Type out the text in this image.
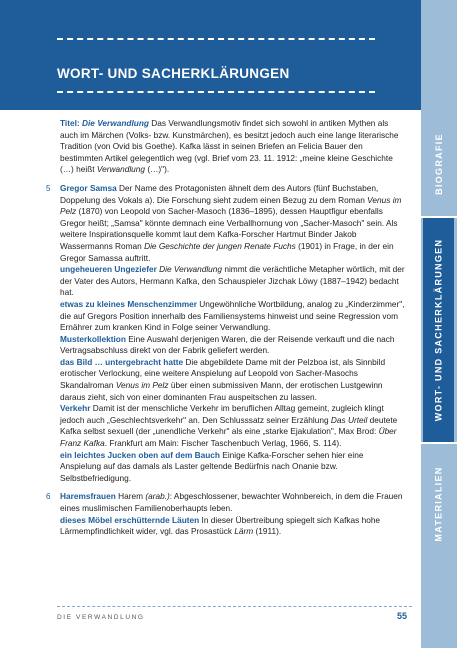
WORT- UND SACHERKLÄRUNGEN
BIOGRAFIE
WORT- UND SACHERKLÄRUNGEN
MATERIALIEN

Titel: Die Verwandlung Das Verwandlungsmotiv findet sich sowohl in antiken Mythen als auch im Märchen (Volks- bzw. Kunstmärchen), es besitzt jedoch auch eine lange literarische Tradition (von Ovid bis Goethe). Kafka lässt in seinen Briefen an Felicia Bauer den bestimmten Artikel gelegentlich weg (vgl. Brief vom 23. 11. 1912: „meine kleine Geschichte (…) heißt Verwandlung (…)").

5 Gregor Samsa Der Name des Protagonisten ähnelt dem des Autors (fünf Buchstaben, Doppelung des Vokals a). Die Forschung sieht zudem einen Bezug zu dem Roman Venus im Pelz (1870) von Leopold von Sacher-Masoch (1836–1895), dessen Hauptfigur ebenfalls Gregor heißt; „Samsa" könnte demnach eine Verballhornung von „Sacher-Masoch" sein. Als weitere Inspirationsquelle kommt laut dem Kafka-Forscher Hartmut Binder Jakob Wassermanns Roman Die Geschichte der jungen Renate Fuchs (1901) in Frage, in der ein Gregor Samassa auftritt.

ungeheueren Ungeziefer Die Verwandlung nimmt die verächtliche Metapher wörtlich, mit der der Vater des Autors, Hermann Kafka, den Schauspieler Jizchak Löwy (1887–1942) bedacht hat.

etwas zu kleines Menschenzimmer Ungewöhnliche Wortbildung, analog zu „Kinderzimmer", die auf Gregors Position innerhalb des Familiensystems hinweist und seine Regression vom Ernährer zum kranken Kind in Folge seiner Verwandlung.

Musterkollektion Eine Auswahl derjenigen Waren, die der Reisende verkauft und die nach Vertragsabschluss direkt von der Fabrik geliefert werden.

das Bild … untergebracht hatte Die abgebildete Dame mit der Pelzboa ist, als Sinnbild erotischer Verlockung, eine weitere Anspielung auf Leopold von Sacher-Masochs Skandalroman Venus im Pelz über einen submissiven Mann, der erotischen Lustgewinn daraus zieht, sich von einer dominanten Frau auspeitschen zu lassen.

Verkehr Damit ist der menschliche Verkehr im beruflichen Alltag gemeint, zugleich klingt jedoch auch „Geschlechtsverkehr" an. Den Schlusssatz seiner Erzählung Das Urteil deutete Kafka selbst sexuell (der „unendliche Verkehr" als eine „starke Ejakulation", Max Brod: Über Franz Kafka. Frankfurt am Main: Fischer Taschenbuch Verlag, 1966, S. 114).

ein leichtes Jucken oben auf dem Bauch Einige Kafka-Forscher sehen hier eine Anspielung auf das damals als Laster geltende Bedürfnis nach Onanie bzw. Selbstbefriedigung.

6 Haremsfrauen Harem (arab.): Abgeschlossener, bewachter Wohnbereich, in dem die Frauen eines muslimischen Familienoberhaupts leben.

dieses Möbel erschütternde Läuten In dieser Übertreibung spiegelt sich Kafkas hohe Lärmempfindlichkeit wider, vgl. das Prosastück Lärm (1911).

DIE VERWANDLUNG	55
